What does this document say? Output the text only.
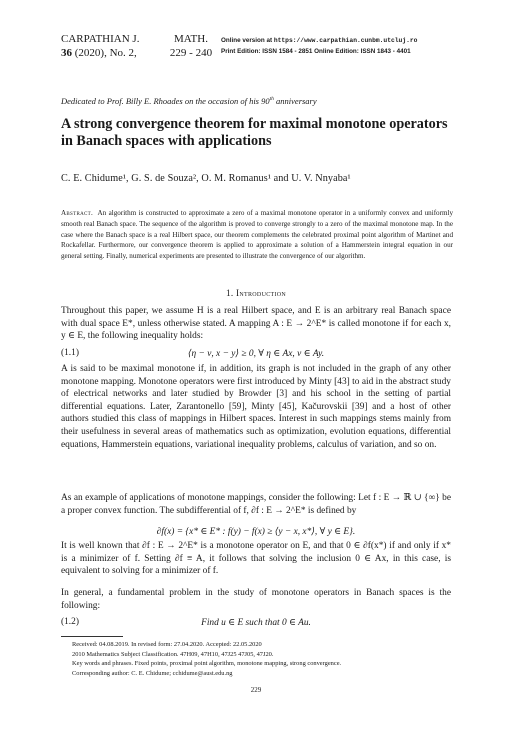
CARPATHIAN J.
36 (2020), No. 2,
MATH.
229 - 240
Online version at https://www.carpathian.cunbm.utcluj.ro
Print Edition: ISSN 1584 - 2851 Online Edition: ISSN 1843 - 4401
Dedicated to Prof. Billy E. Rhoades on the occasion of his 90th anniversary
A strong convergence theorem for maximal monotone operators in Banach spaces with applications
C. E. Chidume¹, G. S. de Souza², O. M. Romanus¹ and U. V. Nnyaba¹
Abstract. An algorithm is constructed to approximate a zero of a maximal monotone operator in a uniformly convex and uniformly smooth real Banach space. The sequence of the algorithm is proved to converge strongly to a zero of the maximal monotone map. In the case where the Banach space is a real Hilbert space, our theorem complements the celebrated proximal point algorithm of Martinet and Rockafellar. Furthermore, our convergence theorem is applied to approximate a solution of a Hammerstein integral equation in our general setting. Finally, numerical experiments are presented to illustrate the convergence of our algorithm.
1. Introduction
Throughout this paper, we assume H is a real Hilbert space, and E is an arbitrary real Banach space with dual space E*, unless otherwise stated. A mapping A : E → 2^E* is called monotone if for each x, y ∈ E, the following inequality holds:
(1.1)	⟨η − ν, x − y⟩ ≥ 0, ∀ η ∈ Ax, ν ∈ Ay.
A is said to be maximal monotone if, in addition, its graph is not included in the graph of any other monotone mapping. Monotone operators were first introduced by Minty [43] to aid in the abstract study of electrical networks and later studied by Browder [3] and his school in the setting of partial differential equations. Later, Zarantonello [59], Minty [45], Kačurovskii [39] and a host of other authors studied this class of mappings in Hilbert spaces. Interest in such mappings stems mainly from their usefulness in several areas of mathematics such as optimization, evolution equations, differential equations, Hammerstein equations, variational inequality problems, calculus of variation, and so on.
As an example of applications of monotone mappings, consider the following: Let f : E → ℝ ∪ {∞} be a proper convex function. The subdifferential of f, ∂f : E → 2^E* is defined by
∂f(x) = {x* ∈ E* : f(y) − f(x) ≥ ⟨y − x, x*⟩, ∀ y ∈ E}.
It is well known that ∂f : E → 2^E* is a monotone operator on E, and that 0 ∈ ∂f(x*) if and only if x* is a minimizer of f. Setting ∂f ≡ A, it follows that solving the inclusion 0 ∈ Ax, in this case, is equivalent to solving for a minimizer of f.
In general, a fundamental problem in the study of monotone operators in Banach spaces is the following:
(1.2)	Find u ∈ E such that 0 ∈ Au.
Received: 04.08.2019. In revised form: 27.04.2020. Accepted: 22.05.2020
2010 Mathematics Subject Classification. 47H09, 47H10, 47J25 47J05, 47J20.
Key words and phrases. Fixed points, proximal point algorithm, monotone mapping, strong convergence.
Corresponding author: C. E. Chidume; cchidume@aust.edu.ng
229
